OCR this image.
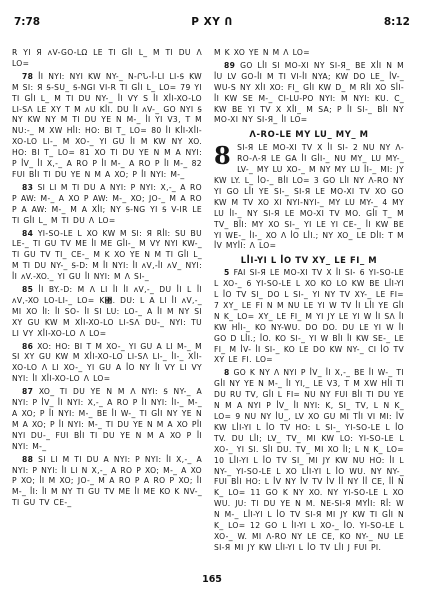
7:78	P XY Ո	8:12
R YI Я ᴧV-GO-LΩ LE TI GꟾI L_ M TI DU Λ LO=
78 ꟾI NYI: NYI KW NY-_ N-ՐՆ-ꟾ-LI LI-Ꟊ KW M SI: Я Ꟊ-SU_ Ꟊ-NGI VI-R TI GꟾI L_ LO= 79 YI TI GꟾI L_ M TI DU NY-_ ꟾI VY S ꟾI XꟾI-XO-LO LI-SɅ LE XY T M ᴧU KꟾI. DU ꟾI ᴧV-_ GO NYI Ꟊ NY KW NY M TI DU YE N M-_ ꟾI YI V3, T M NU:-_ M XW HꟾI: HO: BI T_ LO= 80 ꟾI KꟾI-XꟾI-XO-LO LI-_ M XO-_ YI GU ꟾI M KW NY XO. HO: BI T_ LO= 81 XO TI DU YE N M A NYI: P ꟾV_ ꟾI X,-_ A RO P ꟾI M-_ A RO P ꟾI M-_ 82 FUI BꟾI TI DU YE N M A XO; P ꟾI NYI: M-_
83 SI LI M TI DU A NYI: P NYI: X,-_ A RO P AW: M-_ A XO P AW: M-_ XO; JO-_ M A RO P A AW: M-_ M A XꟾI; NY Ꟊ-NG YI Ꟊ V-IR LE TI GꟾI L_ M TI DU Λ LO=
84 YI-SO-LE L XO KW M SI: Я RꟾI: SU BU LE-_ TI GU TV ME ꟾI ME GꟾI-_ M VY NYI KW-_ TI GU TV TI_ CE-_ M K XO YE N M TI GꟾI L_ M TI DU NY-_ Ꟊ-D: M ꟾI NYI: ꟾI ᴧV,-ꟾI ᴧV_ NYI: ꟾI ᴧV.-XO._ YI GU ꟾI NYI: M Λ SI-_
85 ꟾI BY.-D: M Λ LI ꟾI ꟾI ᴧV,-_ DU ꟾI L ꟾI ᴧV,-XO LO-LI-_ LO= K꟒. DU: L A LI ꟾI ᴧV,-_ MI XO ꟾI: ꟾI SO- ꟾI SI LU: LO-_ A ꟾI M NY SI XY GU KW M XꟾI-XO-LO LI-SɅ DU-_ NYI: TU LI VY XꟾI-XO-LO Λ LO=
86 XO: HO: BI T M XO-_ YI GU A LI M-_ M SI XY GU KW M XꟾI-XO-LO LI-SɅ LI-_ ꟾI-_ XꟾI-XO-LO Λ LI XO-_ YI GU A ꟾO NY ꟾI VY LI VY NYI: ꟾI XꟾI-XO-LO Λ LO=
87 XO_ TI DU YE N M Λ NYI: Ꟊ NY-_ A NYI: P ꟾV_ ꟾI NYI: X,-_ A RO P ꟾI NYI: ꟾI-_ M-_ A XO; P ꟾI NYI: M-_ BE ꟾI W-_ TI GꟾI NY YE N M A XO; P ꟾI NYI: M-_ TI DU YE N M A XO PꟾI NYI DU-_ FUI BꟾI TI DU YE N M A XO P ꟾI NYI: M-_
88 SI LI M TI DU A NYI: P NYI: ꟾI X,-_ A NYI: P NYI: ꟾI LI N X,-_ A RO P XO; M-_ A XO P XO; ꟾI M XO; JO-_ M A RO P A RO P XO; ꟾI M-_ ꟾI: ꟾI M NY TI GU TV ME ꟾI ME KO K NV-_ TI GU TV CE-_
M K XO YE N M Λ LO=
89 GO LꟾI SI MO-XI NY SI-Я_ BE XꟾI N M ꟾU LV GO-ꟾI M TI VI-ꟾI NYA; KW DO LE_ ꟾV-_ WU-S NY XꟾI XO: FI_ GꟾI KW D_ M RꟾI XO SꟾI-ꟾI KW SE M-_ CI-LU-PO NYI: M NYI: KU. C_ KW BE YI TV X XꟾI_ M SA; P ꟾI SI-_ BꟾI NY MO-XI NY SI-Я_ ꟾI LO=
Ʌ-RO-LE MY LU_ MY_ M
8 SI-Я LE MO-XI TV X ꟾI SI- 2 NU NY Ʌ-RO-Ʌ-Я LE GA ꟾI GꟾI-_ NU MY_ LU MY-_ LV-_ MY LU XO-_ M NY MY LU ꟾI-_ MI: JY KW LY. L_ ꟾO-_ BꟾI LO= 3 GO LꟾI NY Ʌ-RO NY YI GO LꟾI YE SI-_ SI-Я LE MO-XI TV XO GO KW M TV XO XI NYI-NYI-_ MY LU MY-_ 4 MY LU ꟾI-_ NY SI-Я LE MO-XI TV MO. GꟾI T_ M TV_ BꟾI: MY XO SI-_ YI LE YI CE-_ ꟾI KW BE YI WE-_ ꟾI-_ XO Λ ꟾO LꟾI.; NY XO_ LE DꟾI: T M ꟾV MYꟾI: Λ LO=
LꟾI-YI L ꟾO TV XY_ LE FI_ M
5 FAI SI-Я LE MO-XI TV X ꟾI SI- 6 YI-SO-LE L XO-_ 6 YI-SO-LE L XO KO LO KW BE LꟾI-YI L ꟾO TV SI_ DO L SI-_ YI NY TV XY-_ LE FI= 7 XY_ LE FI N M NU LE YI W TV ꟾI LꟾI YE GꟾI N K_ LO= XY_ LE FI_ M YI JY LE YI W ꟾI SɅ ꟾI KW HꟾI-_ KO NY-WU. DO DO. DU LE YI W ꟾI GO D LꟾI.; ꟾO. KO SI-_ YI W BꟾI ꟾI KW SE-_ LE FI_ M ꟾV- ꟾI SI-_ KO LE DO KW NY-_ CI ꟾO TV XY LE FI. LO=
8 GO K NY Λ NYI P ꟾV_ ꟾI X,-_ BE ꟾI W-_ TI GꟾI NY YE N M-_ ꟾI YI,_ LE V3, T M XW HꟾI TI DU RU TV, GꟾI L FI= NU NY FUI BꟾI TI DU YE N M A NYI P ꟾV_ ꟾI NYI: K, SI_ TV, L N K_ LO= 9 NU NY ꟾU_, LV XO GU MI TꟾI VI MI: ꟾV KW LꟾI-YI L ꟾO TV HO: L SI-_ YI-SO-LE L ꟾO TV. DU LꟾI; LV_ TV_ MI KW LO: YI-SO-LE L XO-_ YI SI. SꟾI DU. TV_ MI XO ꟾI; L N K_ LO= 10 LꟾI-YI L ꟾO TV SI_ MI JY KW NU HO: ꟾI L NY-_ YI-SO-LE L XO LꟾI-YI L ꟾO WU. NY NY-_ FUI BꟾI HO: L ꟾV NY ꟾV TV ꟾV ꟾꟾ NY ꟾꟾ CE, ꟾꟾ N K_ LO= 11 GO K NY XO. NY YI-SO-LE L XO WU. JU: TI DU YE N M. NE-SI-Я MYꟾI: Rꟾ: W N M-_ LꟾI-YI L ꟾO TV SI-Я MI JY KW TI GꟾI N K_ LO= 12 GO L ꟾI-YI L XO-_ ꟾO. YI-SO-LE L XO-_ W. MI Ʌ-RO NY LE CE, KO NY-_ NU LE SI-Я MI JY KW LꟾI-YI L ꟾO TV LꟾI J FUI PI.
165
